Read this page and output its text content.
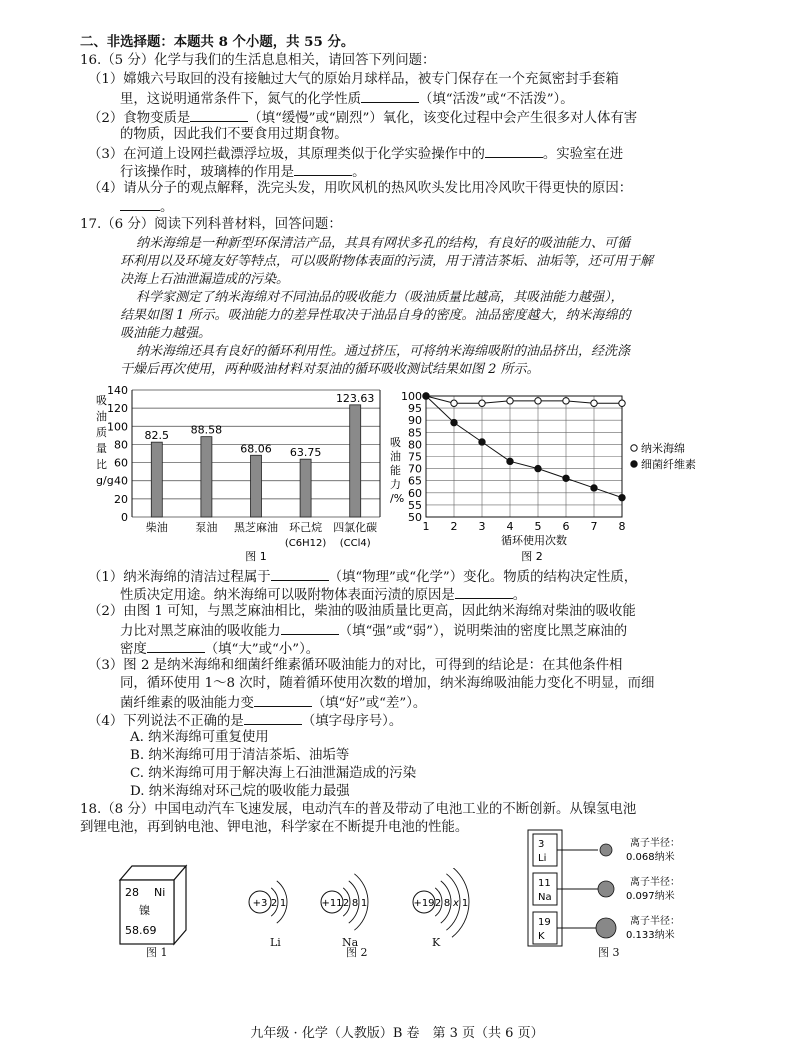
二、非选择题：本题共 8 个小题，共 55 分。
16.（5 分）化学与我们的生活息息相关，请回答下列问题：
（1）嫦娥六号取回的没有接触过大气的原始月球样品，被专门保存在一个充氮密封手套箱
里，这说明通常条件下，氮气的化学性质	（填“活泼”或“不活泼”）。
（2）食物变质是	（填“缓慢”或“剧烈”）氧化，该变化过程中会产生很多对人体有害
的物质，因此我们不要食用过期食物。
（3）在河道上设网拦截漂浮垃圾，其原理类似于化学实验操作中的	。实验室在进
行该操作时，玻璃棒的作用是	。
（4）请从分子的观点解释，洗完头发，用吹风机的热风吹头发比用冷风吹干得更快的原因：
。
17.（6 分）阅读下列科普材料，回答问题：
纳米海绵是一种新型环保清洁产品，其具有网状多孔的结构，有良好的吸油能力、可循
环利用以及环境友好等特点，可以吸附物体表面的污渍，用于清洁茶垢、油垢等，还可用于解
决海上石油泄漏造成的污染。
科学家测定了纳米海绵对不同油品的吸收能力（吸油质量比越高，其吸油能力越强），
结果如图 1 所示。吸油能力的差异性取决于油品自身的密度。油品密度越大，纳米海绵的
吸油能力越强。
纳米海绵还具有良好的循环利用性。通过挤压，可将纳米海绵吸附的油品挤出，经洗涤
干燥后再次使用，两种吸油材料对泵油的循环吸收测试结果如图 2 所示。
0
20
40
60
80
100
120
140
吸
油
质
量
比
g/g
82.5
柴油
88.58
泵油
68.06
黑芝麻油
63.75
环己烷
(C6H12)
123.63
四氯化碳
(CCl4)
图 1
50
55
60
65
70
75
80
85
90
95
100
1 2 3 4 5 6 7 8
吸
油
能
力
/%
循环使用次数
纳米海绵
细菌纤维素
图 2
（1）纳米海绵的清洁过程属于	（填“物理”或“化学”）变化。物质的结构决定性质，
性质决定用途。纳米海绵可以吸附物体表面污渍的原因是	。
（2）由图 1 可知，与黑芝麻油相比，柴油的吸油质量比更高，因此纳米海绵对柴油的吸收能
力比对黑芝麻油的吸收能力	（填“强”或“弱”），说明柴油的密度比黑芝麻油的
密度	（填“大”或“小”）。
（3）图 2 是纳米海绵和细菌纤维素循环吸油能力的对比，可得到的结论是：在其他条件相
同，循环使用 1～8 次时，随着循环使用次数的增加，纳米海绵吸油能力变化不明显，而细
菌纤维素的吸油能力变	（填“好”或“差”）。
（4）下列说法不正确的是	（填字母序号）。
A. 纳米海绵可重复使用
B. 纳米海绵可用于清洁茶垢、油垢等
C. 纳米海绵可用于解决海上石油泄漏造成的污染
D. 纳米海绵对环己烷的吸收能力最强
18.（8 分）中国电动汽车飞速发展，电动汽车的普及带动了电池工业的不断创新。从镍氢电池
到锂电池，再到钠电池、钾电池，科学家在不断提升电池的性能。
28 Ni
镍
58.69
图 1
+3 2 1	+11 2 8 1	+19 2 8 x 1
Li	Na	K
图 2
3
Li
离子半径：
0.068纳米
11
Na
离子半径：
0.097纳米
19
K
离子半径：
0.133纳米
图 3
九年级 · 化学（人教版）B 卷　第 3 页（共 6 页）
